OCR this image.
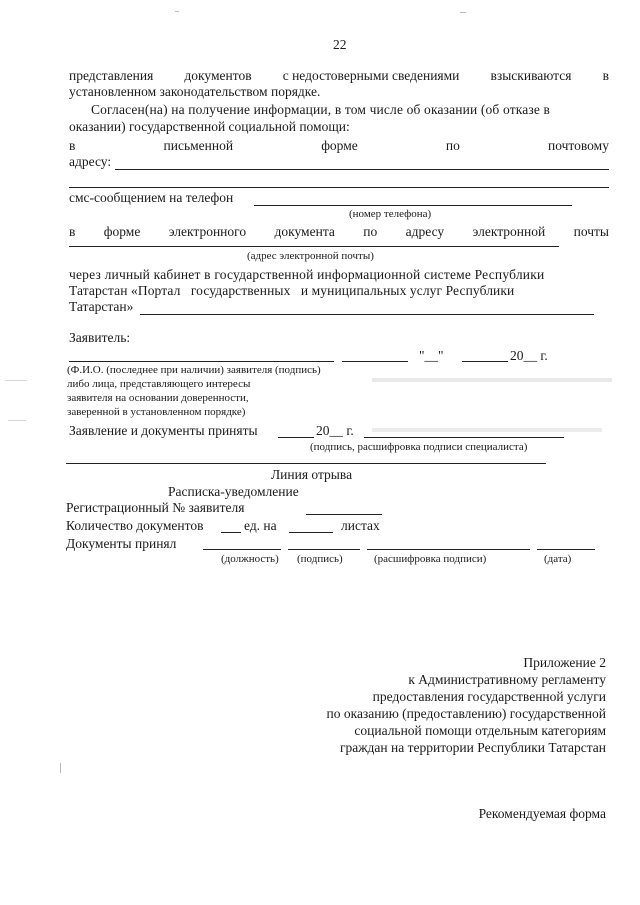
22
представления документов с недостоверными сведениями взыскиваются в
установленном законодательством порядке.
Согласен(на) на получение информации, в том числе об оказании (об отказе в
оказании) государственной социальной помощи:
в	письменной	форме	по	почтовому
адресу:
смс-сообщением на телефон
(номер телефона)
в форме электронного документа по адресу электронной почты
(адрес электронной почты)
через личный кабинет в государственной информационной системе Республики
Татарстан «Портал   государственных   и муниципальных услуг Республики
Татарстан»
Заявитель:
"__"	20__ г.
(Ф.И.О. (последнее при наличии) заявителя (подпись)
либо лица, представляющего интересы
заявителя на основании доверенности,
заверенной в установленном порядке)
Заявление и документы приняты	20__ г.
(подпись, расшифровка подписи специалиста)
Линия отрыва
Расписка-уведомление
Регистрационный № заявителя
Количество документов	ед. на	листах
Документы принял
(должность) (подпись)	(расшифровка подписи)	(дата)
Приложение 2
к Административному регламенту
предоставления государственной услуги
по оказанию (предоставлению) государственной
социальной помощи отдельным категориям
граждан на территории Республики Татарстан
Рекомендуемая форма
